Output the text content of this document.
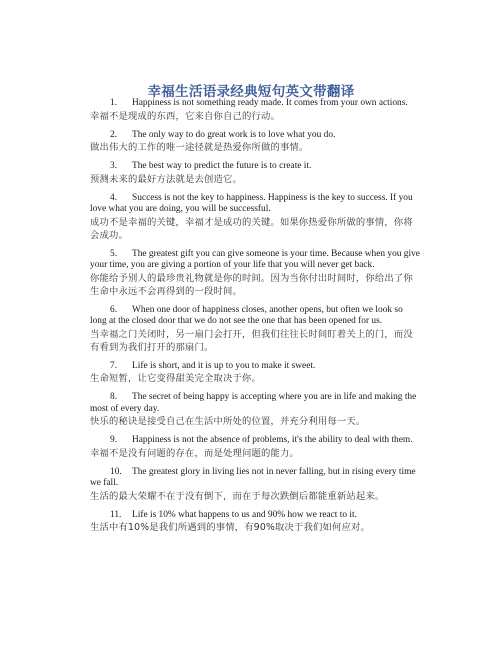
幸福生活语录经典短句英文带翻译
1. Happiness is not something ready made. It comes from your own actions.
幸福不是现成的东西，它来自你自己的行动。
2. The only way to do great work is to love what you do.
做出伟大的工作的唯一途径就是热爱你所做的事情。
3. The best way to predict the future is to create it.
预测未来的最好方法就是去创造它。
4. Success is not the key to happiness. Happiness is the key to success. If you love what you are doing, you will be successful.
成功不是幸福的关键，幸福才是成功的关键。如果你热爱你所做的事情，你将会成功。
5. The greatest gift you can give someone is your time. Because when you give your time, you are giving a portion of your life that you will never get back.
你能给予别人的最珍贵礼物就是你的时间。因为当你付出时间时，你给出了你生命中永远不会再得到的一段时间。
6. When one door of happiness closes, another opens, but often we look so long at the closed door that we do not see the one that has been opened for us.
当幸福之门关闭时，另一扇门会打开，但我们往往长时间盯着关上的门，而没有看到为我们打开的那扇门。
7. Life is short, and it is up to you to make it sweet.
生命短暂，让它变得甜美完全取决于你。
8. The secret of being happy is accepting where you are in life and making the most of every day.
快乐的秘诀是接受自己在生活中所处的位置，并充分利用每一天。
9. Happiness is not the absence of problems, it's the ability to deal with them.
幸福不是没有问题的存在，而是处理问题的能力。
10. The greatest glory in living lies not in never falling, but in rising every time we fall.
生活的最大荣耀不在于没有倒下，而在于每次跌倒后都能重新站起来。
11. Life is 10% what happens to us and 90% how we react to it.
生活中有10%是我们所遇到的事情，有90%取决于我们如何应对。
